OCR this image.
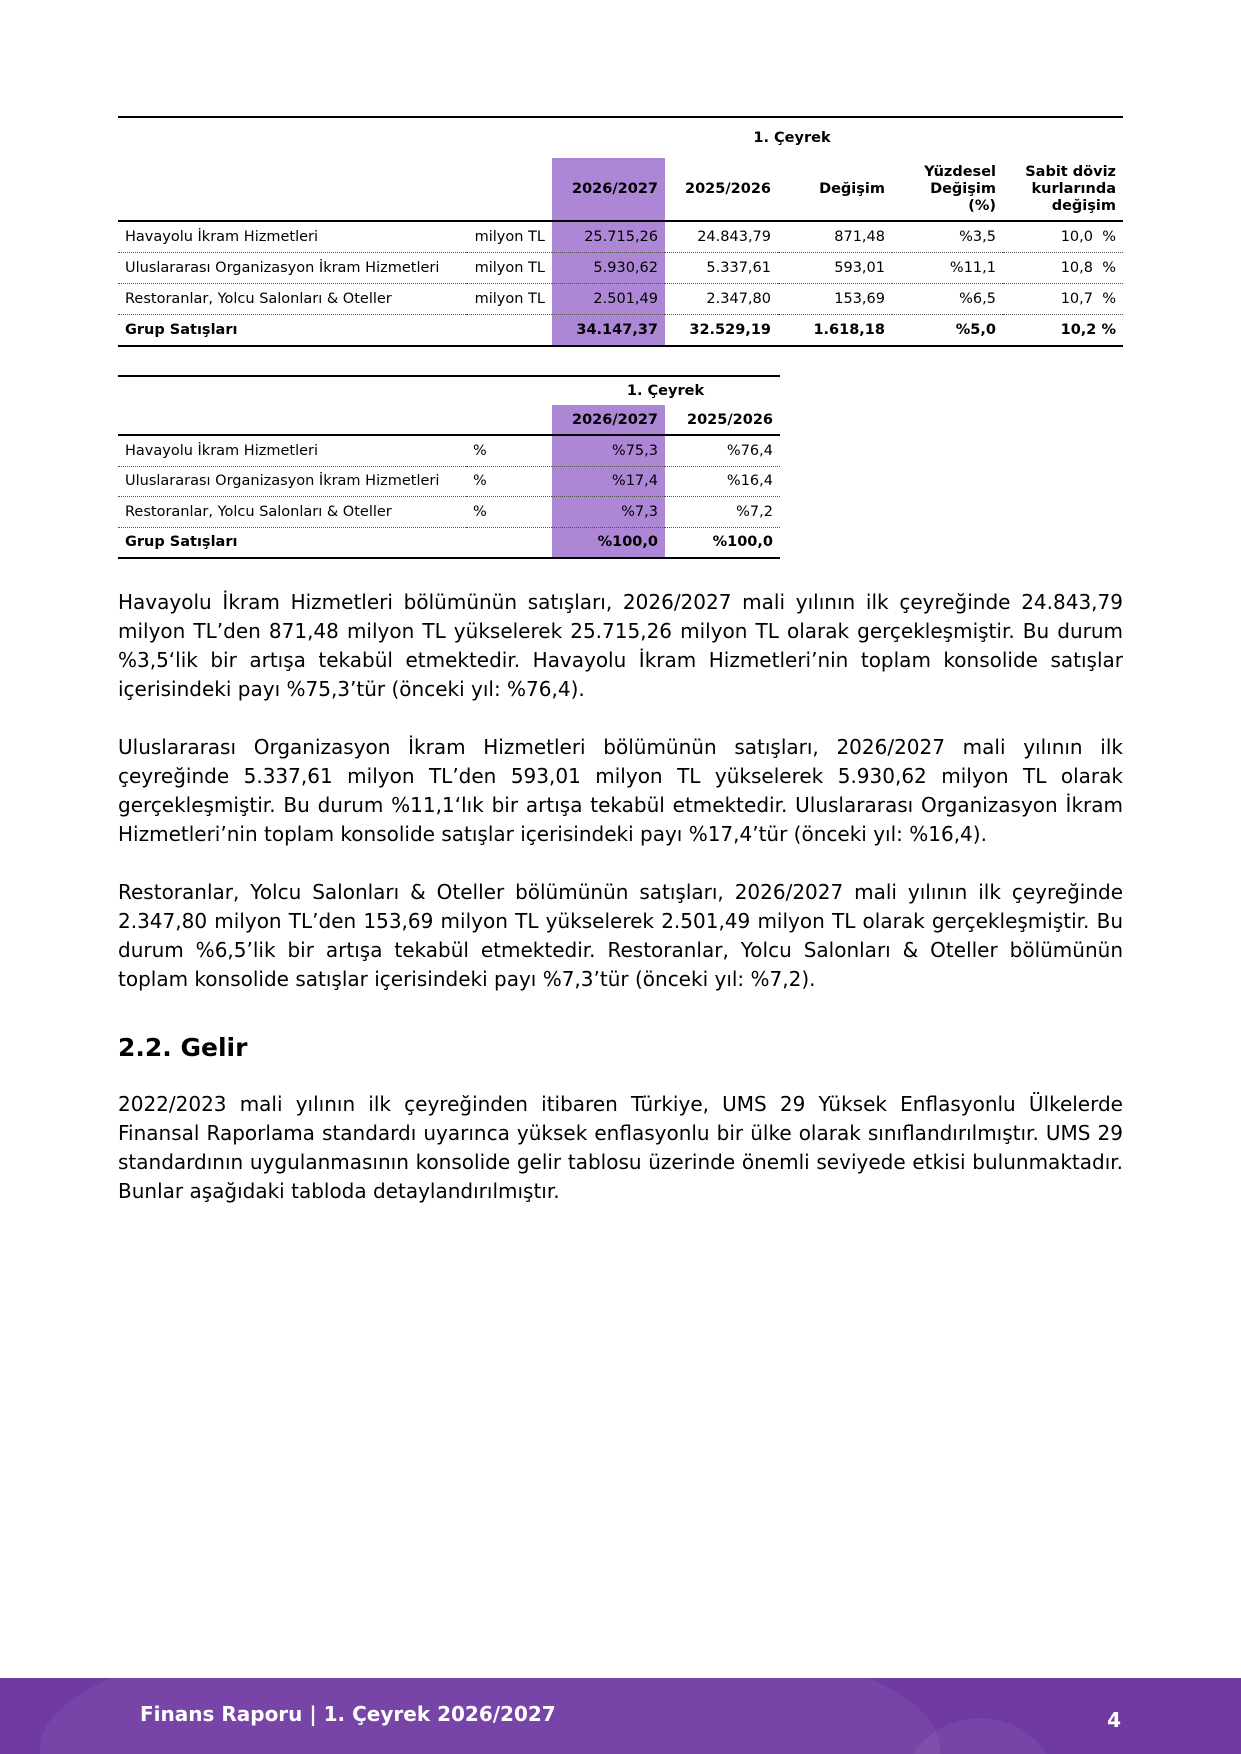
1. Çeyrek						
		2026/2027	2025/2026	Değişim	Yüzdesel
Değişim
(%)	Sabit döviz
kurlarında
değişim
Havayolu İkram Hizmetleri	milyon TL	25.715,26	24.843,79	871,48	%3,5	10,0 %
Uluslararası Organizasyon İkram Hizmetleri	milyon TL	5.930,62	5.337,61	593,01	%11,1	10,8 %
Restoranlar, Yolcu Salonları & Oteller	milyon TL	2.501,49	2.347,80	153,69	%6,5	10,7 %
Grup Satışları		34.147,37	32.529,19	1.618,18	%5,0	10,2 %
1. Çeyrek			
		2026/2027	2025/2026
Havayolu İkram Hizmetleri	%	%75,3	%76,4
Uluslararası Organizasyon İkram Hizmetleri	%	%17,4	%16,4
Restoranlar, Yolcu Salonları & Oteller	%	%7,3	%7,2
Grup Satışları		%100,0	%100,0

Havayolu İkram Hizmetleri bölümünün satışları, 2026/2027 mali yılının ilk çeyreğinde 24.843,79 milyon TL’den 871,48 milyon TL yükselerek 25.715,26 milyon TL olarak gerçekleşmiştir. Bu durum %3,5‘lik bir artışa tekabül etmektedir. Havayolu İkram Hizmetleri’nin toplam konsolide satışlar içerisindeki payı %75,3’tür (önceki yıl: %76,4).

Uluslararası Organizasyon İkram Hizmetleri bölümünün satışları, 2026/2027 mali yılının ilk çeyreğinde 5.337,61 milyon TL’den 593,01 milyon TL yükselerek 5.930,62 milyon TL olarak gerçekleşmiştir. Bu durum %11,1‘lık bir artışa tekabül etmektedir. Uluslararası Organizasyon İkram Hizmetleri’nin toplam konsolide satışlar içerisindeki payı %17,4’tür (önceki yıl: %16,4).

Restoranlar, Yolcu Salonları & Oteller bölümünün satışları, 2026/2027 mali yılının ilk çeyreğinde 2.347,80 milyon TL’den 153,69 milyon TL yükselerek 2.501,49 milyon TL olarak gerçekleşmiştir. Bu durum %6,5’lik bir artışa tekabül etmektedir. Restoranlar, Yolcu Salonları & Oteller bölümünün toplam konsolide satışlar içerisindeki payı %7,3’tür (önceki yıl: %7,2).

2.2. Gelir

2022/2023 mali yılının ilk çeyreğinden itibaren Türkiye, UMS 29 Yüksek Enflasyonlu Ülkelerde Finansal Raporlama standardı uyarınca yüksek enflasyonlu bir ülke olarak sınıflandırılmıştır. UMS 29 standardının uygulanmasının konsolide gelir tablosu üzerinde önemli seviyede etkisi bulunmaktadır. Bunlar aşağıdaki tabloda detaylandırılmıştır.

Finans Raporu | 1. Çeyrek 2026/2027	4
